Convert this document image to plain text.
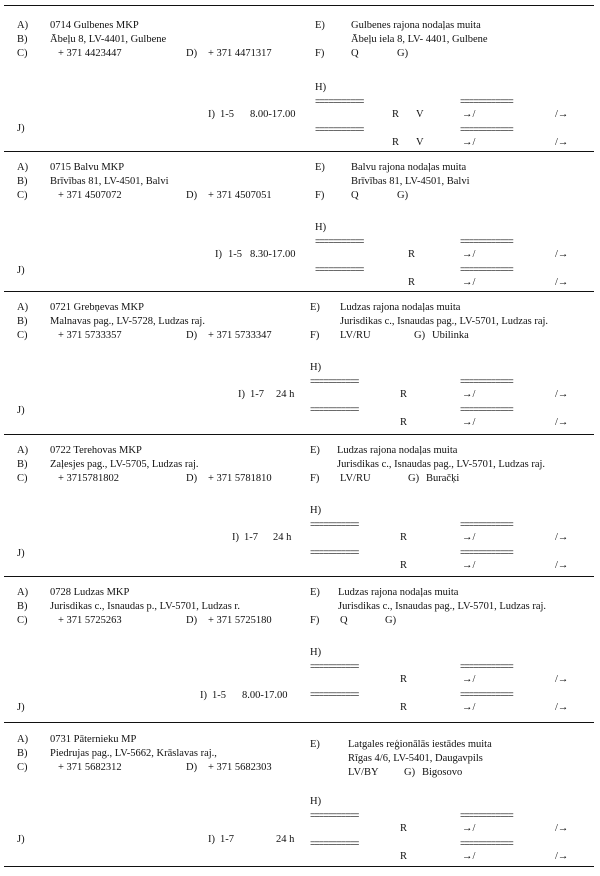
A) 0714 Gulbenes MKP
B) Ābeļu 8, LV-4401, Gulbene
C)	+ 371 4423447	D) + 371 4471317
E) Gulbenes rajona nodaļas muita
Ābeļu iela 8, LV- 4401, Gulbene
F)	Q	G)
H)
===========	============
R V	→/	/→
===========	============
R V	→/	/→
I) 1-5 8.00-17.00
J)
A) 0715 Balvu MKP
B) Brīvības 81, LV-4501, Balvi
C)	+ 371 4507072	D) + 371 4507051
E) Balvu rajona nodaļas muita
Brīvības 81, LV-4501, Balvi
F)	Q	G)
H)
===========	============
R	→/	/→
===========	============
R	→/	/→
I) 1-5 8.30-17.00
J)
A) 0721 Grebņevas MKP
B) Malnavas pag., LV-5728, Ludzas raj.
C)	+ 371 5733357	D) + 371 5733347
E) Ludzas rajona nodaļas muita
Jurisdikas c., Isnaudas pag., LV-5701, Ludzas raj.
F) LV/RU	G) Ubilinka
H)
===========	============
R	→/	/→
===========	============
R	→/	/→
I) 1-7 24 h
J)
A) 0722 Terehovas MKP
B) Zaļesjes pag., LV-5705, Ludzas raj.
C)	+ 3715781802	D) + 371 5781810
E) Ludzas rajona nodaļas muita
Jurisdikas c., Isnaudas pag., LV-5701, Ludzas raj.
F) LV/RU	G) Buračķi
H)
===========	============
R	→/	/→
===========	============
R	→/	/→
I) 1-7 24 h
J)
A) 0728 Ludzas MKP
B) Jurisdikas c., Isnaudas p., LV-5701, Ludzas r.
C)	+ 371 5725263	D) + 371 5725180
E) Ludzas rajona nodaļas muita
Jurisdikas c., Isnaudas pag., LV-5701, Ludzas raj.
F) Q	G)
H)
===========	============
R	→/	/→
===========	============
R	→/	/→
I) 1-5 8.00-17.00
J)
A) 0731 Pāternieku MP
B) Piedrujas pag., LV-5662, Krāslavas raj.,
C)	+ 371 5682312	D) + 371 5682303
E)	Latgales reģionālās iestādes muita
Rīgas 4/6, LV-5401, Daugavpils
LV/BY G) Bigosovo
H)
===========	============
R	→/	/→
===========	============
R	→/	/→
I) 1-7	24 h
J)
